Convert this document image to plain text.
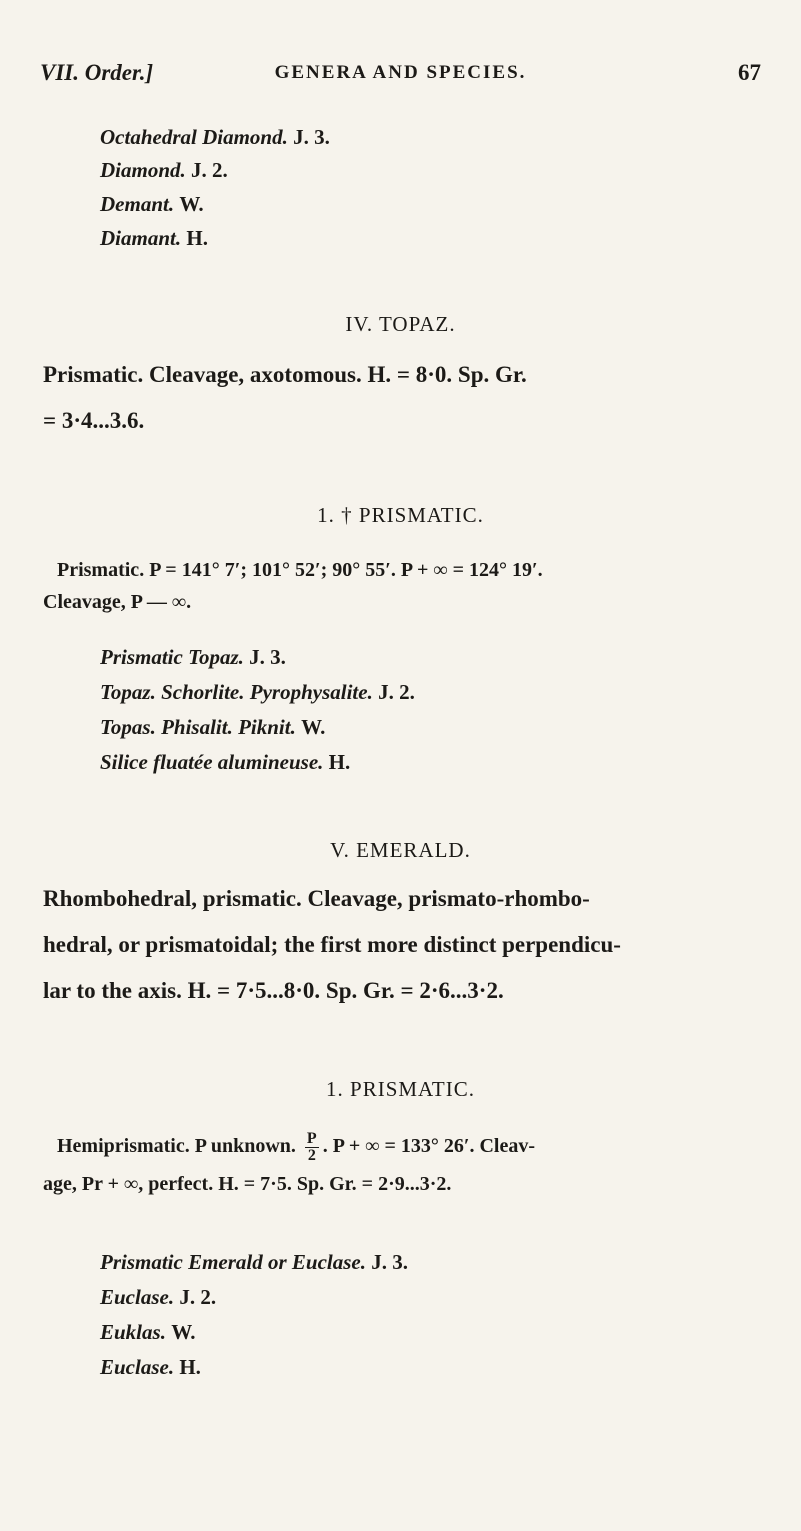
VII. Order.]	GENERA AND SPECIES.	67
Octahedral Diamond. J. 3.
Diamond. J. 2.
Demant. W.
Diamant. H.
IV. TOPAZ.
Prismatic. Cleavage, axotomous. H. = 8·0. Sp. Gr.
= 3·4...3.6.
1. † PRISMATIC.
Prismatic. P = 141° 7′; 101° 52′; 90° 55′. P + ∞ = 124° 19′.
Cleavage, P — ∞.
Prismatic Topaz. J. 3.
Topaz. Schorlite. Pyrophysalite. J. 2.
Topas. Phisalit. Piknit. W.
Silice fluatée alumineuse. H.
V. EMERALD.
Rhombohedral, prismatic. Cleavage, prismato-rhombo-
hedral, or prismatoidal; the first more distinct perpendicu-
lar to the axis. H. = 7·5...8·0. Sp. Gr. = 2·6...3·2.
1. PRISMATIC.
Hemiprismatic. P unknown. $\frac{P}{2}$ . P + ∞ = 133° 26′. Cleav-
age, Pr + ∞, perfect. H. = 7·5. Sp. Gr. = 2·9...3·2.
Prismatic Emerald or Euclase. J. 3.
Euclase. J. 2.
Euklas. W.
Euclase. H.
